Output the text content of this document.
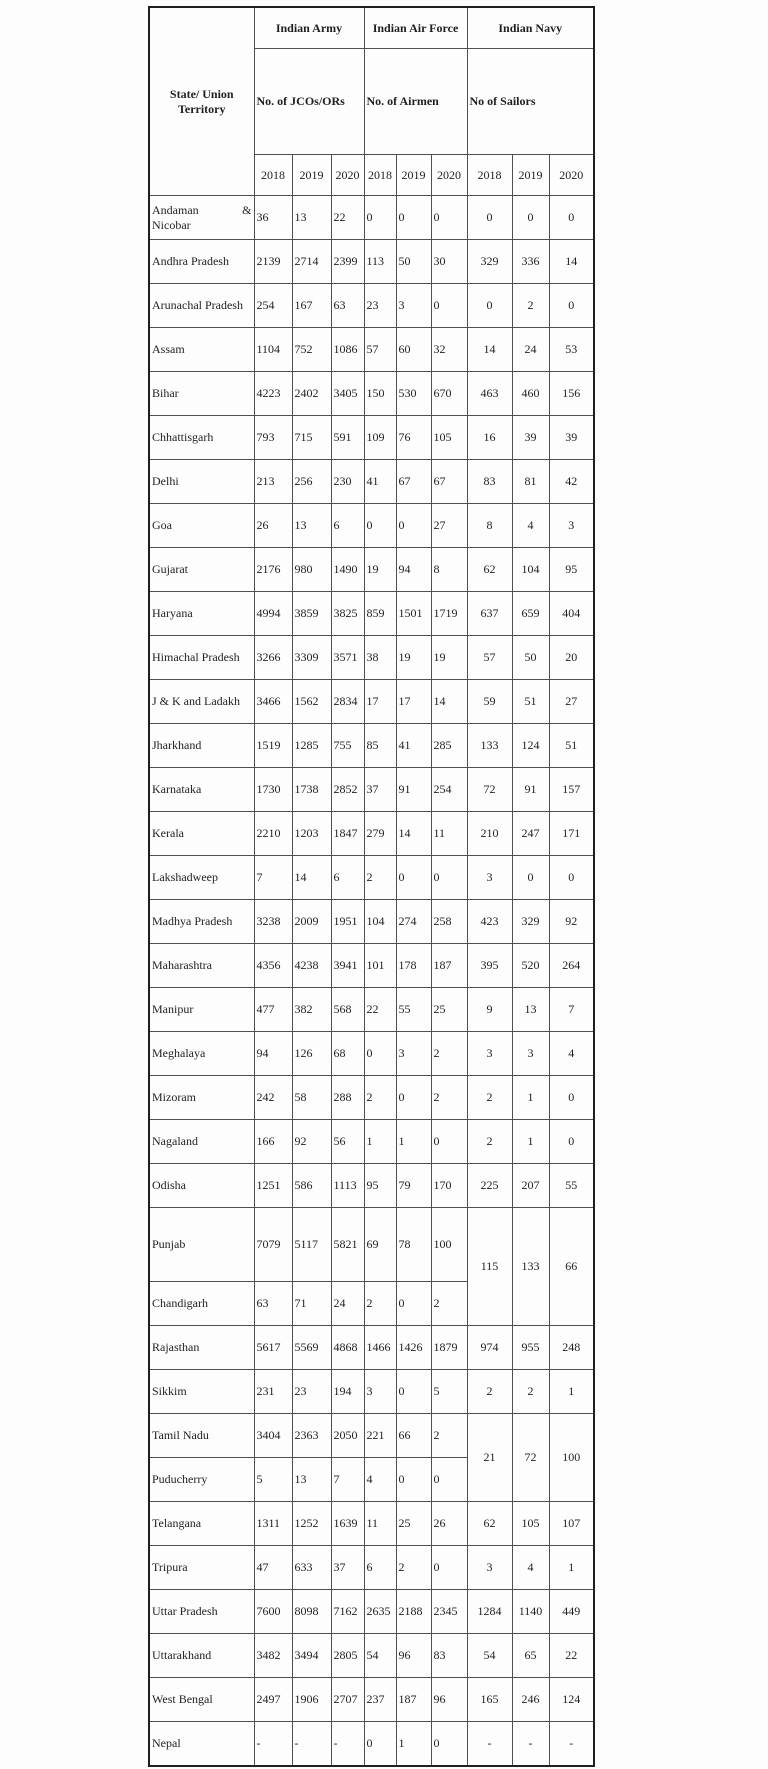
State/ Union Territory	Indian Army			Indian Air Force			Indian Navy		
	No. of JCOs/ORs			No. of Airmen			No of Sailors		
	2018	2019	2020	2018	2019	2020	2018	2019	2020

Andaman &
Nicobar	36	13	22	0	0	0	0	0	0
Andhra Pradesh	2139	2714	2399	113	50	30	329	336	14
Arunachal Pradesh	254	167	63	23	3	0	0	2	0
Assam	1104	752	1086	57	60	32	14	24	53
Bihar	4223	2402	3405	150	530	670	463	460	156
Chhattisgarh	793	715	591	109	76	105	16	39	39
Delhi	213	256	230	41	67	67	83	81	42
Goa	26	13	6	0	0	27	8	4	3
Gujarat	2176	980	1490	19	94	8	62	104	95
Haryana	4994	3859	3825	859	1501	1719	637	659	404
Himachal Pradesh	3266	3309	3571	38	19	19	57	50	20
J & K and Ladakh	3466	1562	2834	17	17	14	59	51	27
Jharkhand	1519	1285	755	85	41	285	133	124	51
Karnataka	1730	1738	2852	37	91	254	72	91	157
Kerala	2210	1203	1847	279	14	11	210	247	171
Lakshadweep	7	14	6	2	0	0	3	0	0
Madhya Pradesh	3238	2009	1951	104	274	258	423	329	92
Maharashtra	4356	4238	3941	101	178	187	395	520	264
Manipur	477	382	568	22	55	25	9	13	7
Meghalaya	94	126	68	0	3	2	3	3	4
Mizoram	242	58	288	2	0	2	2	1	0
Nagaland	166	92	56	1	1	0	2	1	0
Odisha	1251	586	1113	95	79	170	225	207	55
Punjab	7079	5117	5821	69	78	100	115	133	66
Chandigarh	63	71	24	2	0	2			
Rajasthan	5617	5569	4868	1466	1426	1879	974	955	248
Sikkim	231	23	194	3	0	5	2	2	1
Tamil Nadu	3404	2363	2050	221	66	2	21	72	100
Puducherry	5	13	7	4	0	0			
Telangana	1311	1252	1639	11	25	26	62	105	107
Tripura	47	633	37	6	2	0	3	4	1
Uttar Pradesh	7600	8098	7162	2635	2188	2345	1284	1140	449
Uttarakhand	3482	3494	2805	54	96	83	54	65	22
West Bengal	2497	1906	2707	237	187	96	165	246	124
Nepal	-	-	-	0	1	0	-	-	-
